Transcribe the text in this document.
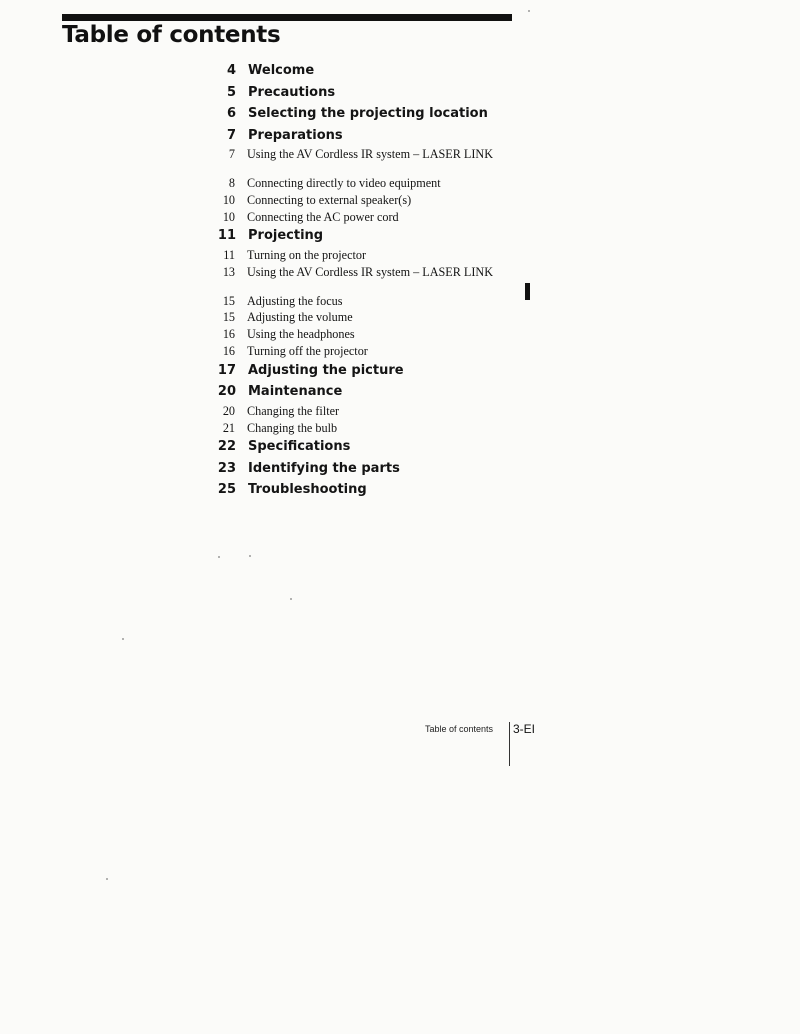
Table of contents
4 Welcome
5 Precautions
6 Selecting the projecting location
7 Preparations
7 Using the AV Cordless IR system – LASER LINK
8 Connecting directly to video equipment
10 Connecting to external speaker(s)
10 Connecting the AC power cord
11 Projecting
11 Turning on the projector
13 Using the AV Cordless IR system – LASER LINK
15 Adjusting the focus
15 Adjusting the volume
16 Using the headphones
16 Turning off the projector
17 Adjusting the picture
20 Maintenance
20 Changing the filter
21 Changing the bulb
22 Specifications
23 Identifying the parts
25 Troubleshooting
Table of contents 3-EI
